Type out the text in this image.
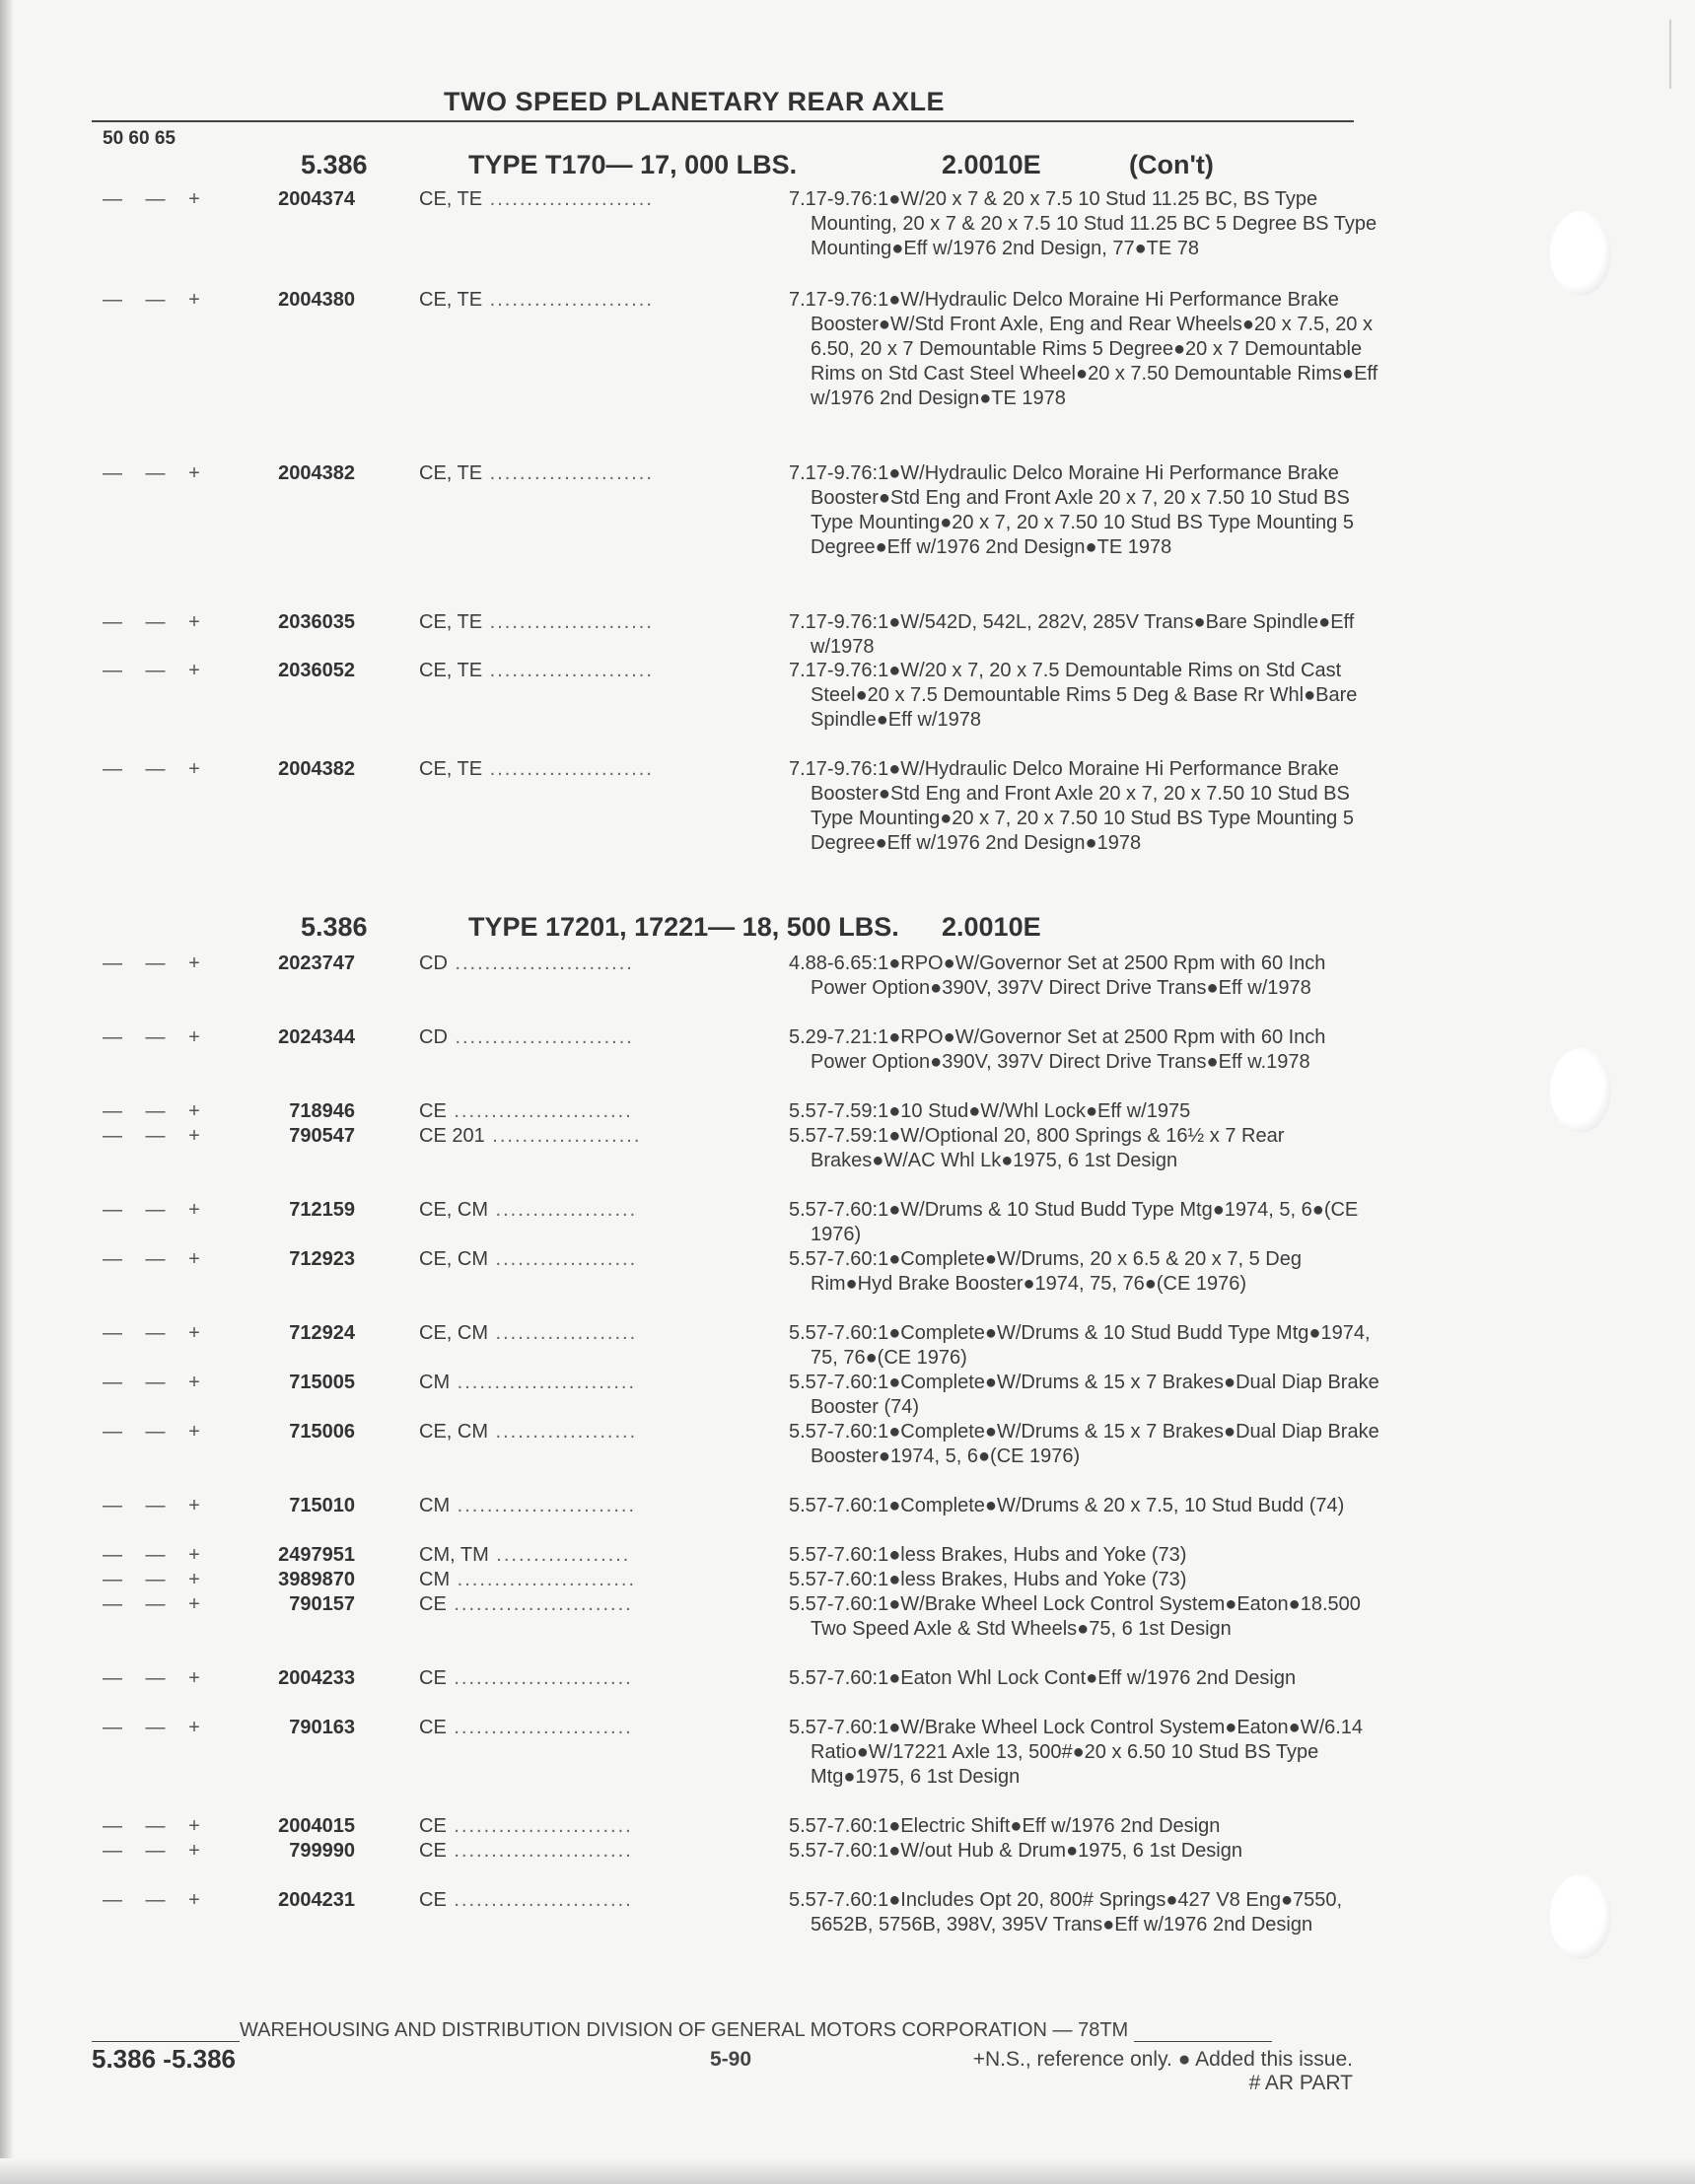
TWO SPEED PLANETARY REAR AXLE
50 60 65
5.386	TYPE T170— 17, 000 LBS.	2.0010E	(Con't)
5.386	TYPE 17201, 17221— 18, 500 LBS. 2.0010E
— — +	2004374	CE, TE ......................	7.17-9.76:1●W/20 x 7 & 20 x 7.5 10 Stud 11.25 BC, BS Type Mounting, 20 x 7 & 20 x 7.5 10 Stud 11.25 BC 5 Degree BS Type Mounting●Eff w/1976 2nd Design, 77●TE 78
— — +	2004380	CE, TE ......................	7.17-9.76:1●W/Hydraulic Delco Moraine Hi Performance Brake Booster●W/Std Front Axle, Eng and Rear Wheels●20 x 7.5, 20 x 6.50, 20 x 7 Demountable Rims 5 Degree●20 x 7 Demountable Rims on Std Cast Steel Wheel●20 x 7.50 Demountable Rims●Eff w/1976 2nd Design●TE 1978
— — +	2004382	CE, TE ......................	7.17-9.76:1●W/Hydraulic Delco Moraine Hi Performance Brake Booster●Std Eng and Front Axle 20 x 7, 20 x 7.50 10 Stud BS Type Mounting●20 x 7, 20 x 7.50 10 Stud BS Type Mounting 5 Degree●Eff w/1976 2nd Design●TE 1978
— — +	2036035	CE, TE ......................	7.17-9.76:1●W/542D, 542L, 282V, 285V Trans●Bare Spindle●Eff w/1978
— — +	2036052	CE, TE ......................	7.17-9.76:1●W/20 x 7, 20 x 7.5 Demountable Rims on Std Cast Steel●20 x 7.5 Demountable Rims 5 Deg & Base Rr Whl●Bare Spindle●Eff w/1978
— — +	2004382	CE, TE ......................	7.17-9.76:1●W/Hydraulic Delco Moraine Hi Performance Brake Booster●Std Eng and Front Axle 20 x 7, 20 x 7.50 10 Stud BS Type Mounting●20 x 7, 20 x 7.50 10 Stud BS Type Mounting 5 Degree●Eff w/1976 2nd Design●1978
— — +	2023747	CD ........................	4.88-6.65:1●RPO●W/Governor Set at 2500 Rpm with 60 Inch Power Option●390V, 397V Direct Drive Trans●Eff w/1978
— — +	2024344	CD ........................	5.29-7.21:1●RPO●W/Governor Set at 2500 Rpm with 60 Inch Power Option●390V, 397V Direct Drive Trans●Eff w.1978
— — +	718946	CE ........................	5.57-7.59:1●10 Stud●W/Whl Lock●Eff w/1975
— — +	790547	CE 201 ....................	5.57-7.59:1●W/Optional 20, 800 Springs & 16½ x 7 Rear Brakes●W/AC Whl Lk●1975, 6 1st Design
— — +	712159	CE, CM ...................	5.57-7.60:1●W/Drums & 10 Stud Budd Type Mtg●1974, 5, 6●(CE 1976)
— — +	712923	CE, CM ...................	5.57-7.60:1●Complete●W/Drums, 20 x 6.5 & 20 x 7, 5 Deg Rim●Hyd Brake Booster●1974, 75, 76●(CE 1976)
— — +	712924	CE, CM ...................	5.57-7.60:1●Complete●W/Drums & 10 Stud Budd Type Mtg●1974, 75, 76●(CE 1976)
— — +	715005	CM ........................	5.57-7.60:1●Complete●W/Drums & 15 x 7 Brakes●Dual Diap Brake Booster (74)
— — +	715006	CE, CM ...................	5.57-7.60:1●Complete●W/Drums & 15 x 7 Brakes●Dual Diap Brake Booster●1974, 5, 6●(CE 1976)
— — +	715010	CM ........................	5.57-7.60:1●Complete●W/Drums & 20 x 7.5, 10 Stud Budd (74)
— — +	2497951	CM, TM ..................	5.57-7.60:1●less Brakes, Hubs and Yoke (73)
— — +	3989870	CM ........................	5.57-7.60:1●less Brakes, Hubs and Yoke (73)
— — +	790157	CE ........................	5.57-7.60:1●W/Brake Wheel Lock Control System●Eaton●18.500 Two Speed Axle & Std Wheels●75, 6 1st Design
— — +	2004233	CE ........................	5.57-7.60:1●Eaton Whl Lock Cont●Eff w/1976 2nd Design
— — +	790163	CE ........................	5.57-7.60:1●W/Brake Wheel Lock Control System●Eaton●W/6.14 Ratio●W/17221 Axle 13, 500#●20 x 6.50 10 Stud BS Type Mtg●1975, 6 1st Design
— — +	2004015	CE ........................	5.57-7.60:1●Electric Shift●Eff w/1976 2nd Design
— — +	799990	CE ........................	5.57-7.60:1●W/out Hub & Drum●1975, 6 1st Design
— — +	2004231	CE ........................	5.57-7.60:1●Includes Opt 20, 800# Springs●427 V8 Eng●7550, 5652B, 5756B, 398V, 395V Trans●Eff w/1976 2nd Design
WAREHOUSING AND DISTRIBUTION DIVISION OF GENERAL MOTORS CORPORATION — 78TM
5.386 -5.386	5-90	+N.S., reference only. ● Added this issue.
# AR PART
